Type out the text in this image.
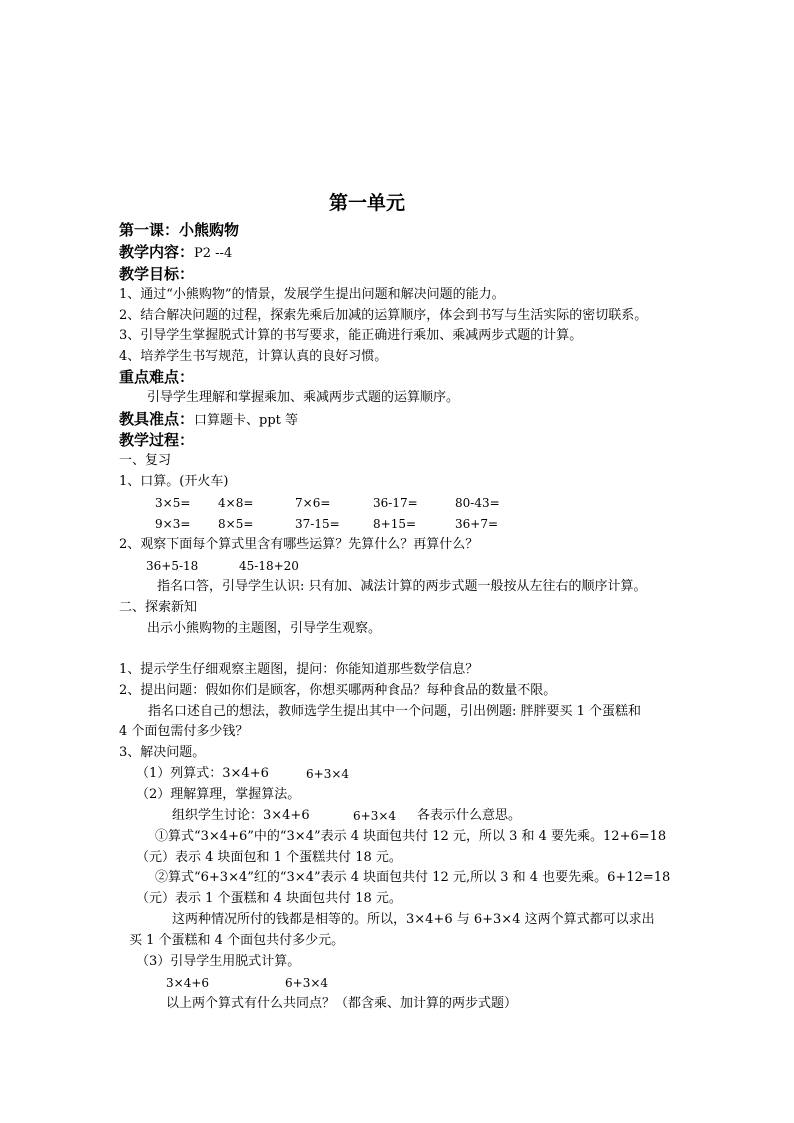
第一单元
第一课：小熊购物
教学内容：P2 --4
教学目标：
1、通过“小熊购物”的情景，发展学生提出问题和解决问题的能力。
2、结合解决问题的过程，探索先乘后加减的运算顺序，体会到书写与生活实际的密切联系。
3、引导学生掌握脱式计算的书写要求，能正确进行乘加、乘减两步式题的计算。
4、培养学生书写规范，计算认真的良好习惯。
重点难点：
引导学生理解和掌握乘加、乘减两步式题的运算顺序。
教具准点：口算题卡、ppt 等
教学过程：
一、复习
1、口算。(开火车)
3×5= 4×8=	7×6=	36-17=	80-43=
9×3= 8×5=	37-15=	8+15=	36+7=
2、观察下面每个算式里含有哪些运算？先算什么？再算什么？
36+5-18	45-18+20
指名口答，引导学生认识: 只有加、减法计算的两步式题一般按从左往右的顺序计算。
二、探索新知
出示小熊购物的主题图，引导学生观察。
1、提示学生仔细观察主题图，提问：你能知道那些数学信息？
2、提出问题：假如你们是顾客，你想买哪两种食品？每种食品的数量不限。
指名口述自己的想法，教师选学生提出其中一个问题，引出例题: 胖胖要买 1 个蛋糕和
4 个面包需付多少钱？
3、解决问题。
（1）列算式：3×4+6	6+3×4
（2）理解算理，掌握算法。
组织学生讨论：3×4+6	6+3×4 各表示什么意思。
①算式“3×4+6”中的“3×4”表示 4 块面包共付 12 元，所以 3 和 4 要先乘。12+6=18
（元）表示 4 块面包和 1 个蛋糕共付 18 元。
②算式“6+3×4”红的“3×4”表示 4 块面包共付 12 元,所以 3 和 4 也要先乘。6+12=18
（元）表示 1 个蛋糕和 4 块面包共付 18 元。
这两种情况所付的钱都是相等的。所以，3×4+6 与 6+3×4 这两个算式都可以求出
买 1 个蛋糕和 4 个面包共付多少元。
（3）引导学生用脱式计算。
3×4+6	6+3×4
以上两个算式有什么共同点？（都含乘、加计算的两步式题）
